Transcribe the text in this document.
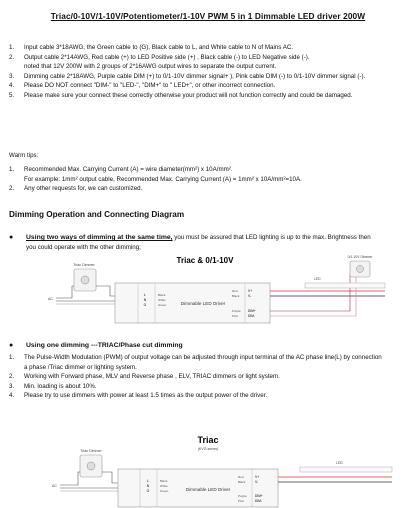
Triac/0-10V/1-10V/Potentiometer/1-10V PWM 5 in 1 Dimmable LED driver 200W
1.	Input cable 3*18AWG, the Green cable to (G), Black cable to L, and White cable to N of Mains AC.
2.	Output cable 2*14AWG, Red cable (+) to LED Positive side (+) , Black cable (-) to LED Negative side (-).
noted that 12V 200W with 2 groups of 2*16AWG output wires to separate the output current.
3.	Dimming cable 2*18AWG, Purple cable DIM (+) to 0/1-10V dimmer signal+ ), Pink cable DIM (-) to 0/1-10V dimmer signal (-).
4.	Please DO NOT connect "DIM-" to "LED-", "DIM+" to " LED+", or other incorrect connection.
5.	Please make sure your connect these correctly otherwise your product will not function correctly and could be damaged.
Warm tips:
1.	Recommended Max. Carrying Current (A) = wire diameter(mm²) x 10A/mm².
For example: 1mm² output cable, Recommended Max. Carrying Current (A) = 1mm² x 10A/mm²=10A.
2.	Any other requests for, we can customized.
Dimming Operation and Connecting Diagram
● Using two ways of dimming at the same time, you must be assured that LED lighting is up to the max. Brightness then
you could operate with the other dimming;
Triac & 0/1-10V
Triac Dimmer
AC
L
N
G
Black
White
Green	Dimmable LED Driver
Red
Black
V+
V-
Purple
Pink
DIM+
DIM-
LED
0/1-10V Dimmer
● Using one dimming ---TRIAC/Phase cut dimming
1.	The Pulse-Width Modulation (PWM) of output voltage can be adjusted through input terminal of the AC phase line(L) by connection
a phase /Triac dimmer or lighting system.
2.	Working with Forward phase, MLV and Reverse phase , ELV, TRIAC dimmers or light system.
3.	Min. loading is about 10%.
4.	Please try to use dimmers with power at least 1.5 times as the output power of the driver.
Triac
(KVG series)
Triac Dimmer
AC
L
N
G
Black
White
Green	Dimmable LED Driver
Red
Black
V+
V-
Purple
Pink
DIM+
DIM-
LED
